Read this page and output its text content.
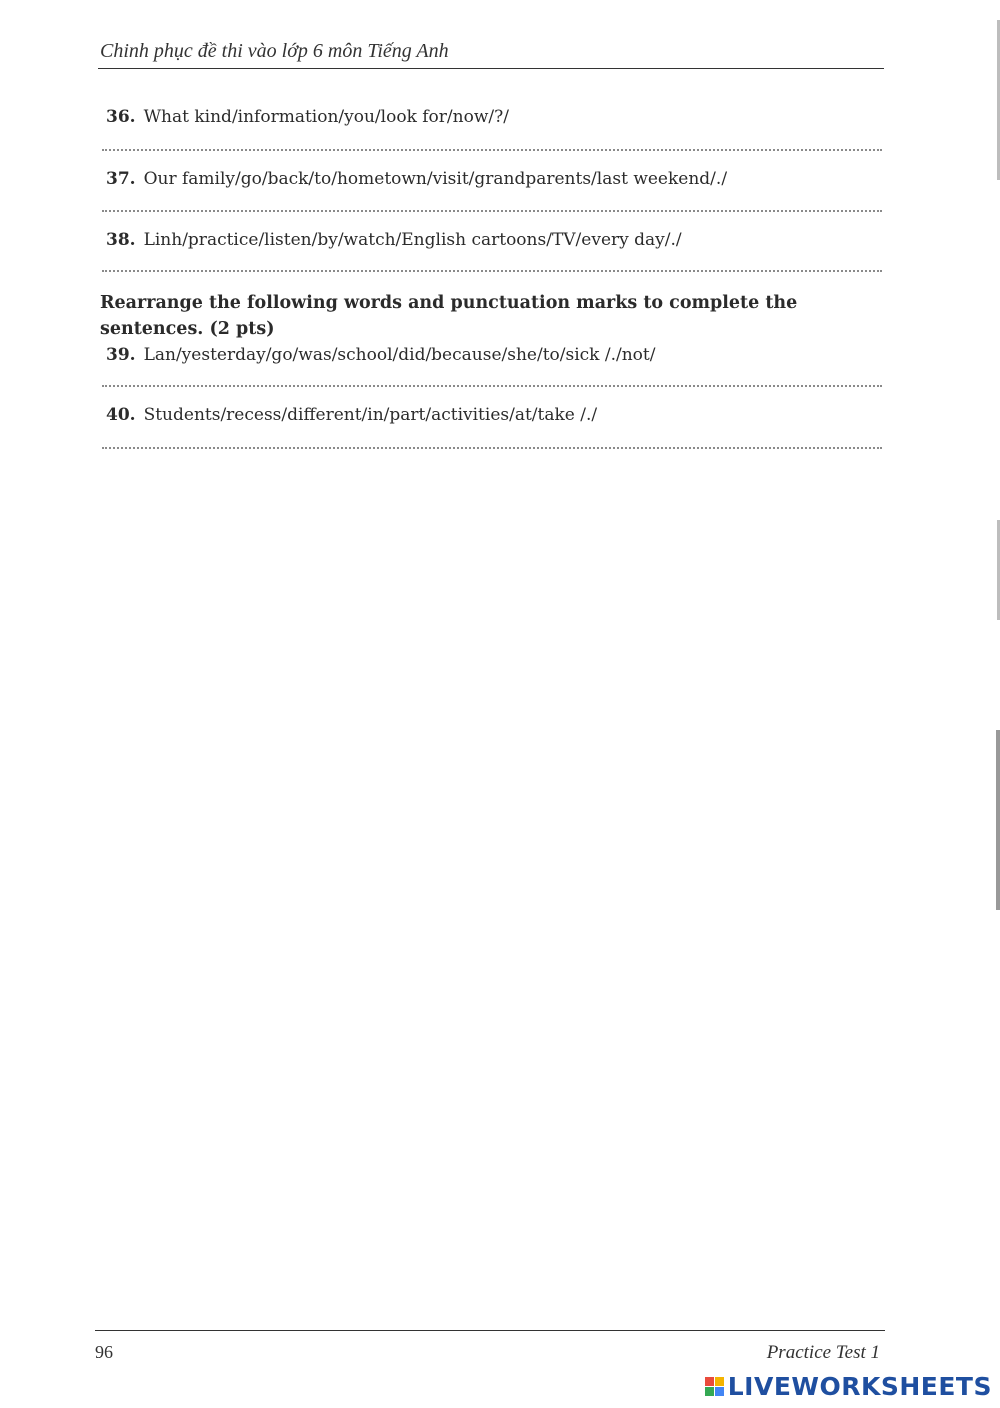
Chinh phục đề thi vào lớp 6 môn Tiếng Anh
36. What kind/information/you/look for/now/?/
37. Our family/go/back/to/hometown/visit/grandparents/last weekend/./
38. Linh/practice/listen/by/watch/English cartoons/TV/every day/./
Rearrange the following words and punctuation marks to complete the sentences. (2 pts)
39. Lan/yesterday/go/was/school/did/because/she/to/sick /./not/
40. Students/recess/different/in/part/activities/at/take /./
96	Practice Test 1
LIVEWORKSHEETS
